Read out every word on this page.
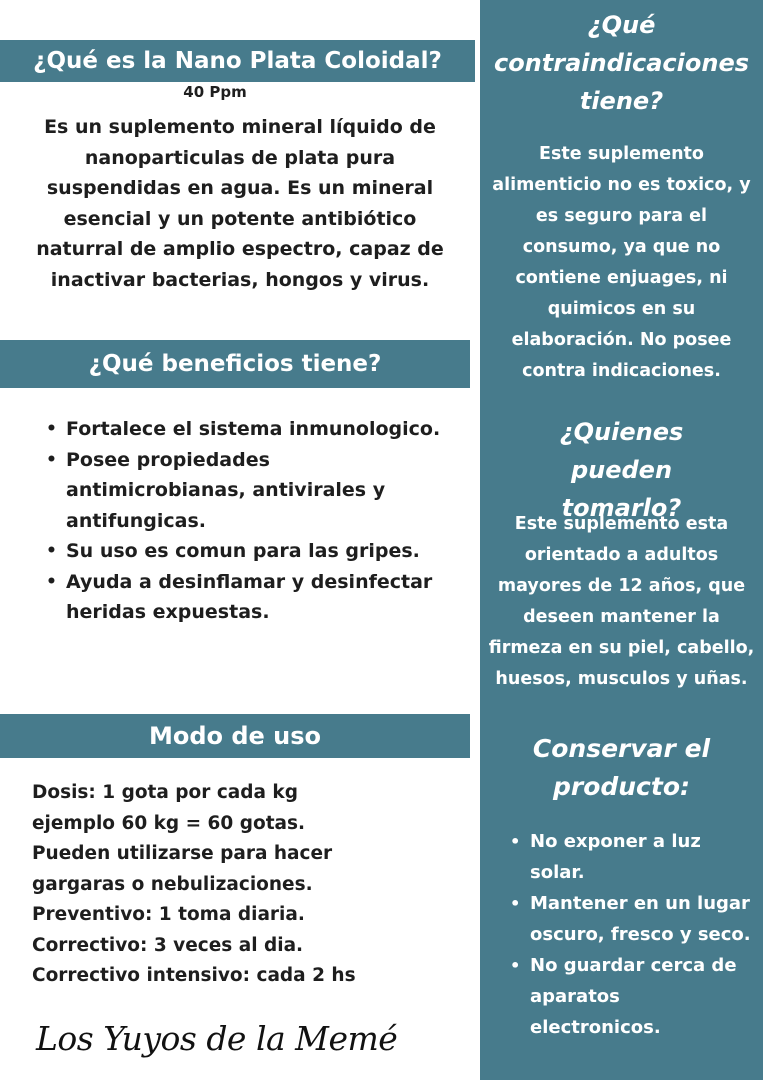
¿Qué es la Nano Plata Coloidal?
40 Ppm
Es un suplemento mineral líquido de nanoparticulas de plata pura suspendidas en agua. Es un mineral esencial y un potente antibiótico naturral de amplio espectro, capaz de inactivar bacterias, hongos y virus.
¿Qué beneficios tiene?
• Fortalece el sistema inmunologico.
• Posee propiedades antimicrobianas, antivirales y antifungicas.
• Su uso es comun para las gripes.
• Ayuda a desinflamar y desinfectar heridas expuestas.
Modo de uso
Dosis: 1 gota por cada kg
ejemplo 60 kg = 60 gotas.
Pueden utilizarse para hacer
gargaras o nebulizaciones.
Preventivo: 1 toma diaria.
Correctivo: 3 veces al dia.
Correctivo intensivo: cada 2 hs
Los Yuyos de la Memé
¿Qué contraindicaciones tiene?
Este suplemento alimenticio no es toxico, y es seguro para el consumo, ya que no contiene enjuages, ni quimicos en su elaboración. No posee contra indicaciones.
¿Quienes pueden tomarlo?
Este suplemento esta orientado a adultos mayores de 12 años, que deseen mantener la firmeza en su piel, cabello, huesos, musculos y uñas.
Conservar el producto:
• No exponer a luz solar.
• Mantener en un lugar oscuro, fresco y seco.
• No guardar cerca de aparatos electronicos.
